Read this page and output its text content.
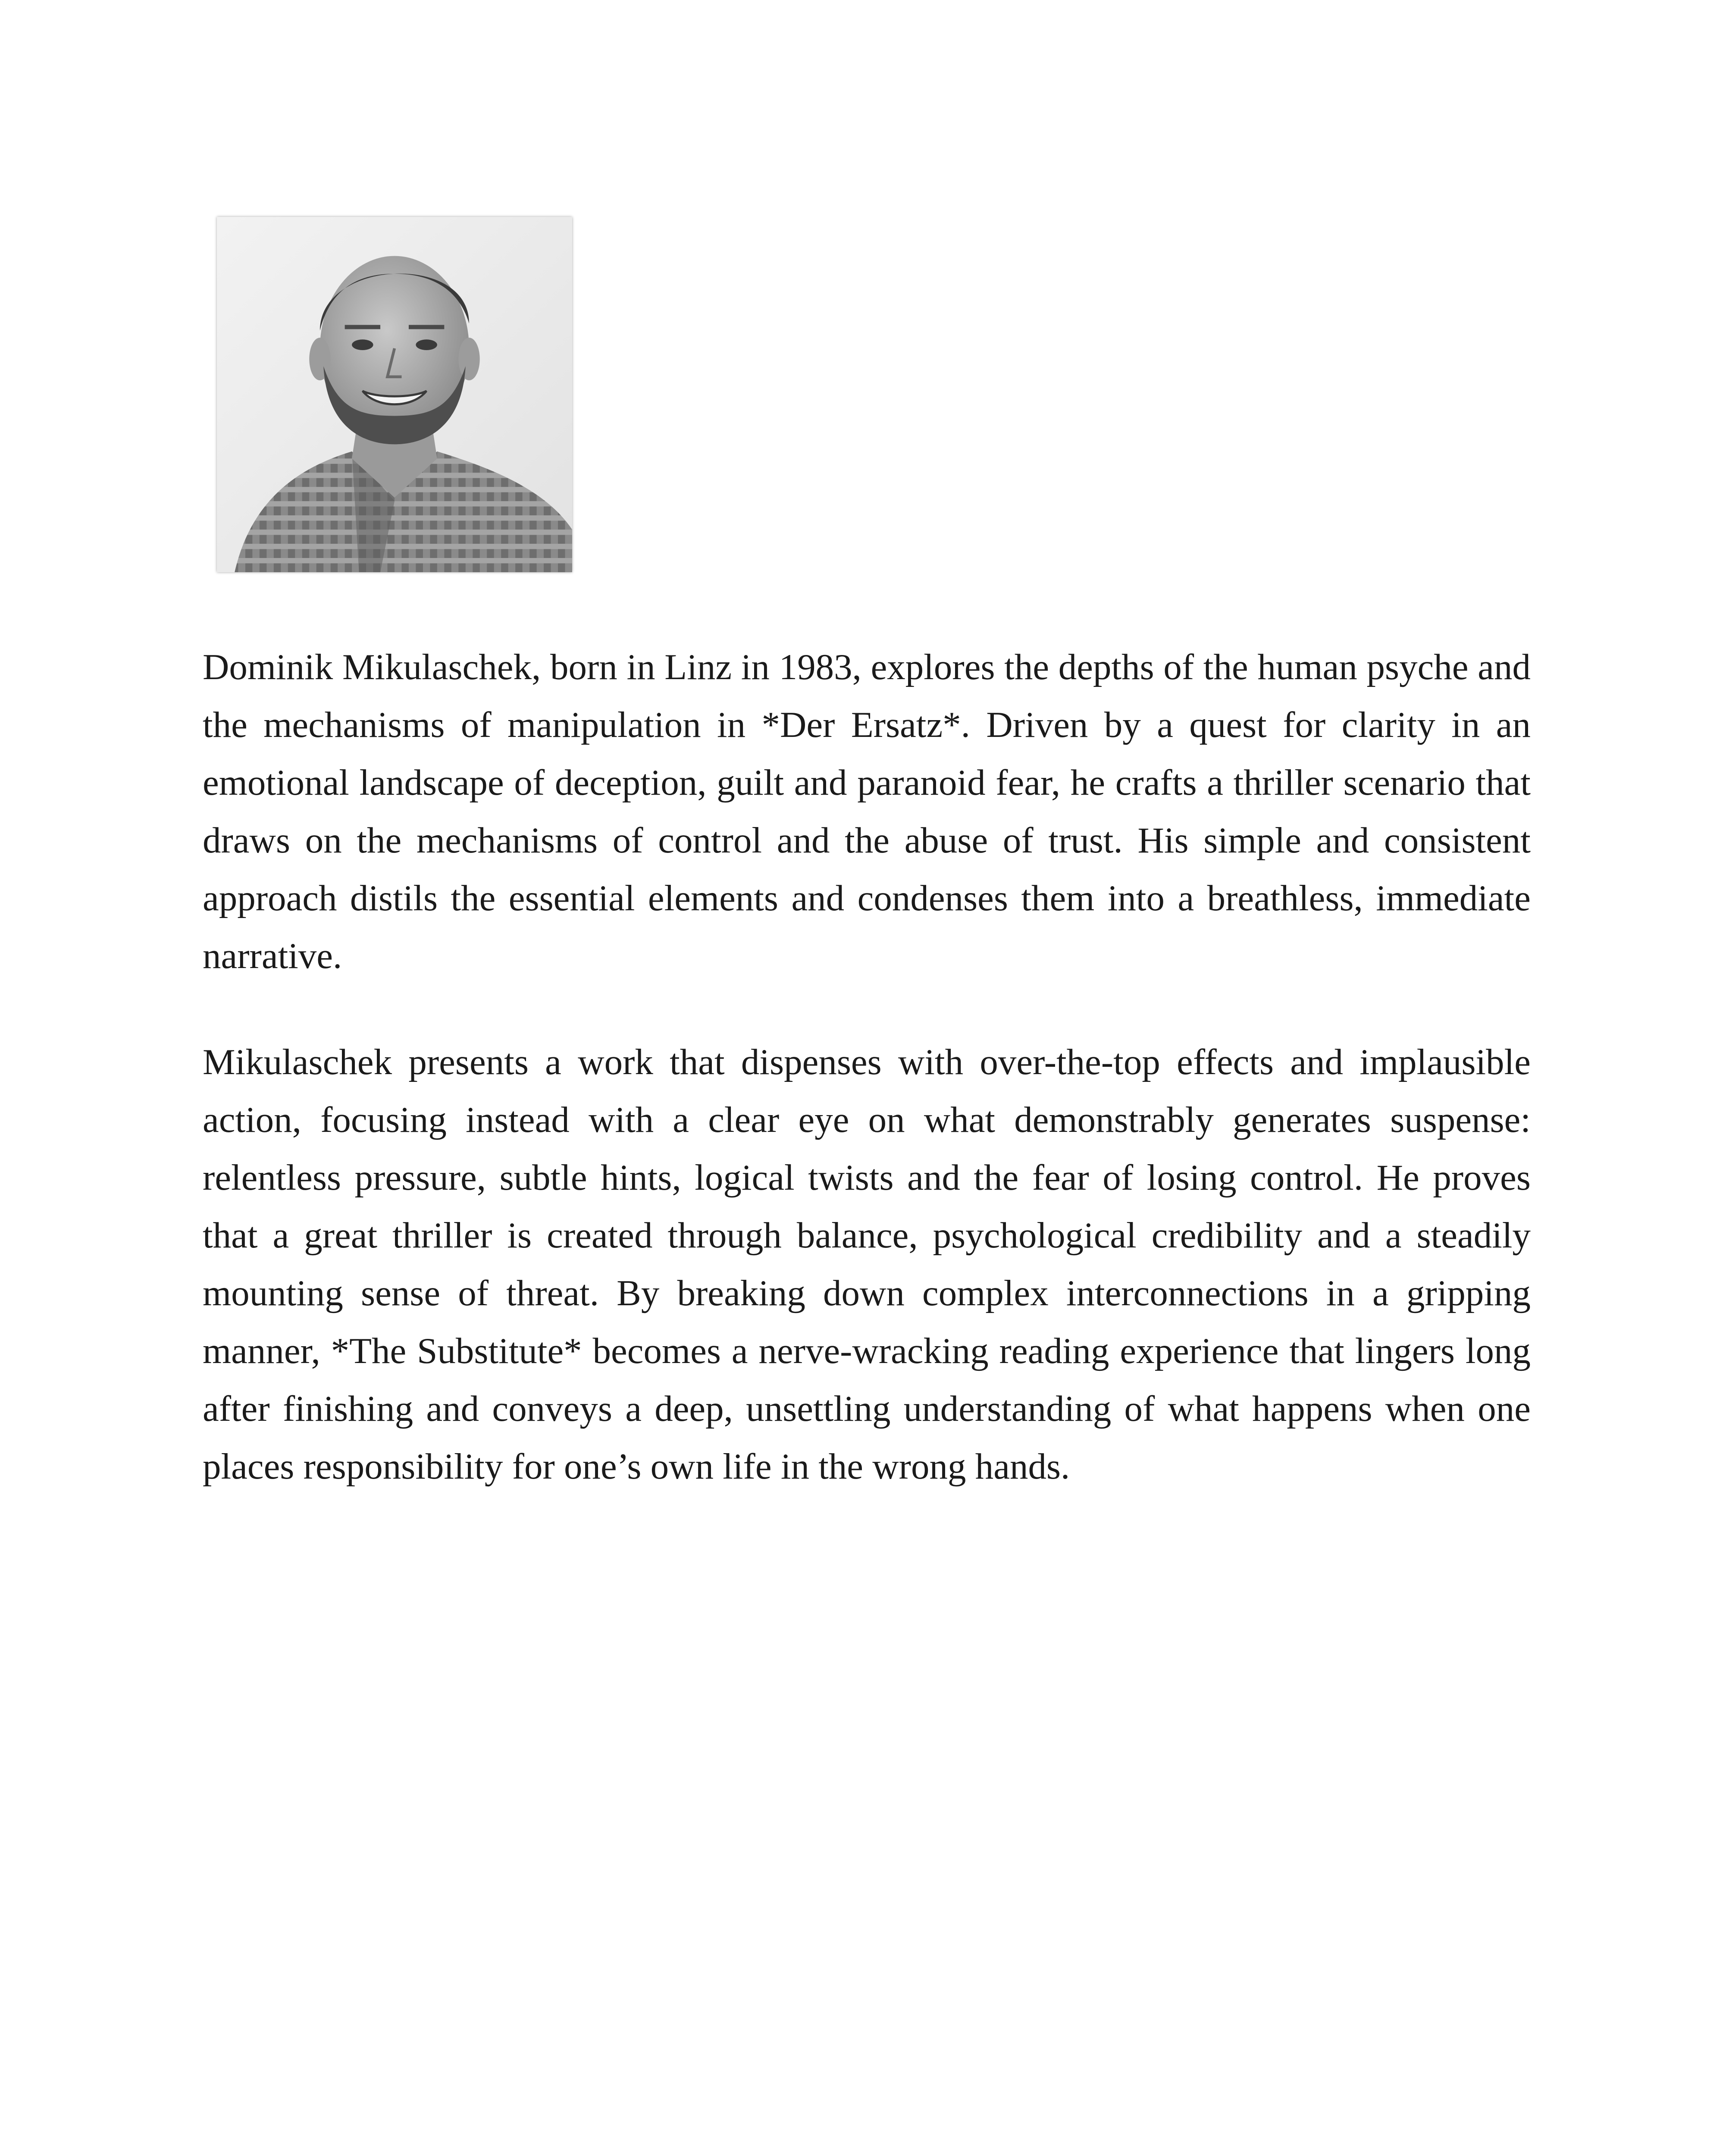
Dominik Mikulaschek, born in Linz in 1983, explores the depths of the human psyche and the mechanisms of manipulation in *Der Ersatz*. Driven by a quest for clarity in an emotional landscape of deception, guilt and paranoid fear, he crafts a thriller scenario that draws on the mechanisms of control and the abuse of trust. His simple and consistent approach distils the essential elements and condenses them into a breathless, immediate narrative.

Mikulaschek presents a work that dispenses with over-the-top effects and implausible action, focusing instead with a clear eye on what demonstrably generates suspense: relentless pressure, subtle hints, logical twists and the fear of losing control. He proves that a great thriller is created through balance, psychological credibility and a steadily mounting sense of threat. By breaking down complex interconnections in a gripping manner, *The Substitute* becomes a nerve-wracking reading experience that lingers long after finishing and conveys a deep, unsettling understanding of what happens when one places responsibility for one’s own life in the wrong hands.
